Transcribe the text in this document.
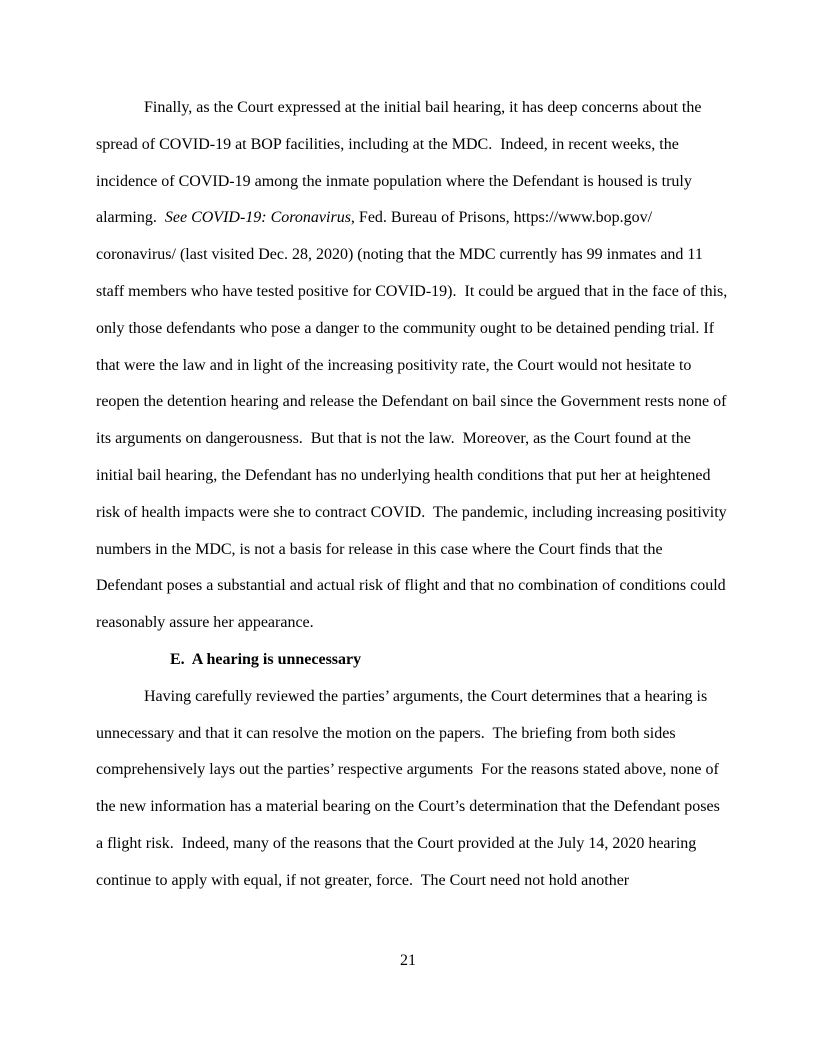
Finally, as the Court expressed at the initial bail hearing, it has deep concerns about the spread of COVID-19 at BOP facilities, including at the MDC.  Indeed, in recent weeks, the incidence of COVID-19 among the inmate population where the Defendant is housed is truly alarming.  See COVID-19: Coronavirus, Fed. Bureau of Prisons, https://www.bop.gov/ coronavirus/ (last visited Dec. 28, 2020) (noting that the MDC currently has 99 inmates and 11 staff members who have tested positive for COVID-19).  It could be argued that in the face of this, only those defendants who pose a danger to the community ought to be detained pending trial. If that were the law and in light of the increasing positivity rate, the Court would not hesitate to reopen the detention hearing and release the Defendant on bail since the Government rests none of its arguments on dangerousness.  But that is not the law.  Moreover, as the Court found at the initial bail hearing, the Defendant has no underlying health conditions that put her at heightened risk of health impacts were she to contract COVID.  The pandemic, including increasing positivity numbers in the MDC, is not a basis for release in this case where the Court finds that the Defendant poses a substantial and actual risk of flight and that no combination of conditions could reasonably assure her appearance.

E.  A hearing is unnecessary

Having carefully reviewed the parties’ arguments, the Court determines that a hearing is unnecessary and that it can resolve the motion on the papers.  The briefing from both sides comprehensively lays out the parties’ respective arguments  For the reasons stated above, none of the new information has a material bearing on the Court’s determination that the Defendant poses a flight risk.  Indeed, many of the reasons that the Court provided at the July 14, 2020 hearing continue to apply with equal, if not greater, force.  The Court need not hold another

21
